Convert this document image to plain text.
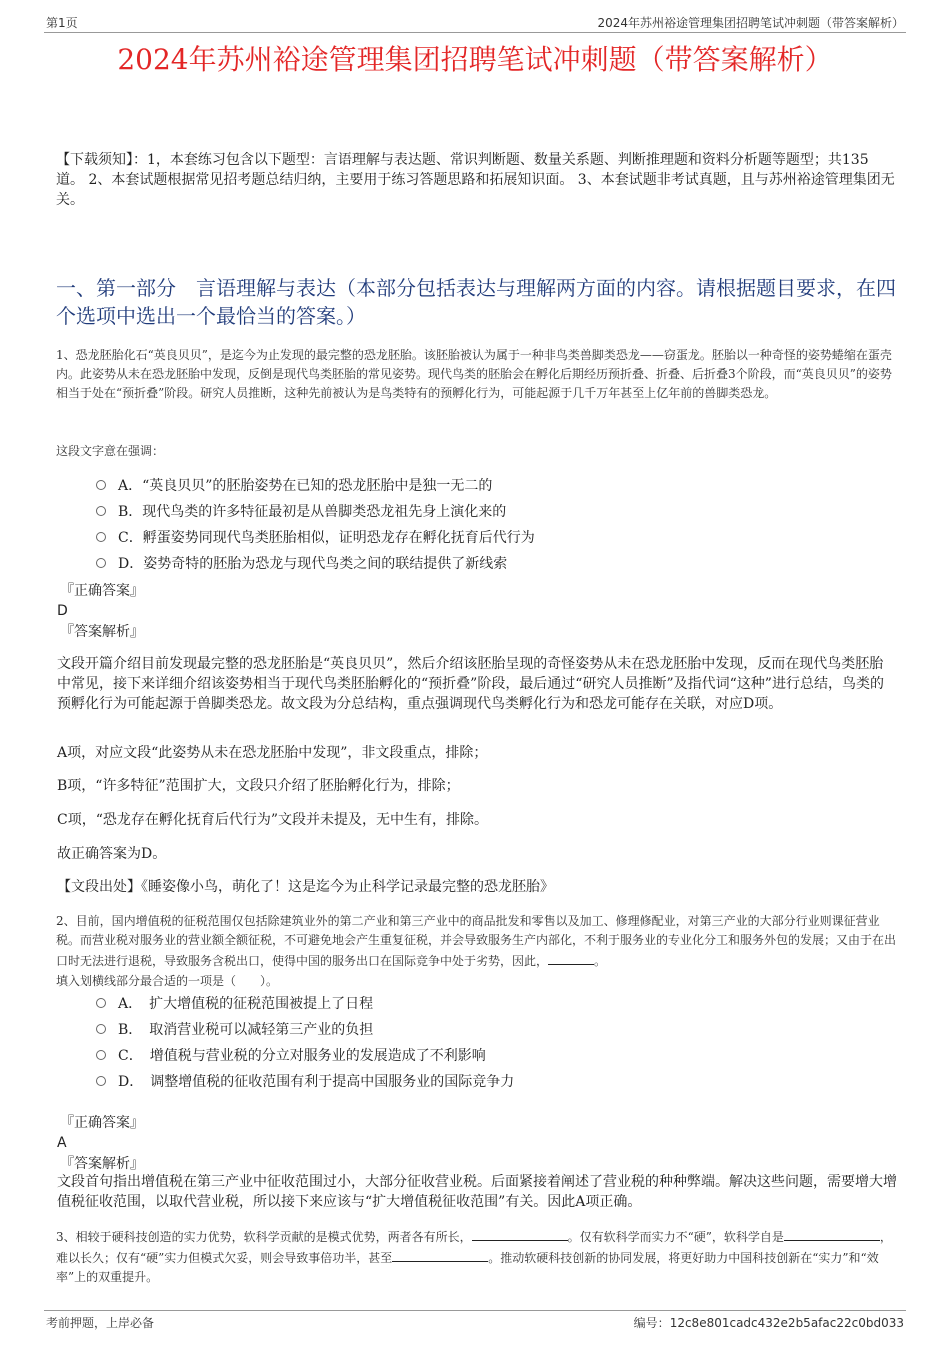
第1页	2024年苏州裕途管理集团招聘笔试冲刺题（带答案解析）
2024年苏州裕途管理集团招聘笔试冲刺题（带答案解析）
【下载须知】：1，本套练习包含以下题型：言语理解与表达题、常识判断题、数量关系题、判断推理题和资料分析题等题型；共135道。 2、本套试题根据常见招考题总结归纳，主要用于练习答题思路和拓展知识面。 3、本套试题非考试真题，且与苏州裕途管理集团无关。
一、第一部分　言语理解与表达（本部分包括表达与理解两方面的内容。请根据题目要求，在四个选项中选出一个最恰当的答案。）
1、恐龙胚胎化石“英良贝贝”，是迄今为止发现的最完整的恐龙胚胎。该胚胎被认为属于一种非鸟类兽脚类恐龙——窃蛋龙。胚胎以一种奇怪的姿势蜷缩在蛋壳内。此姿势从未在恐龙胚胎中发现，反倒是现代鸟类胚胎的常见姿势。现代鸟类的胚胎会在孵化后期经历预折叠、折叠、后折叠3个阶段，而“英良贝贝”的姿势相当于处在“预折叠”阶段。研究人员推断，这种先前被认为是鸟类特有的预孵化行为，可能起源于几千万年甚至上亿年前的兽脚类恐龙。
这段文字意在强调：
A．“英良贝贝”的胚胎姿势在已知的恐龙胚胎中是独一无二的
B．现代鸟类的许多特征最初是从兽脚类恐龙祖先身上演化来的
C．孵蛋姿势同现代鸟类胚胎相似，证明恐龙存在孵化抚育后代行为
D．姿势奇特的胚胎为恐龙与现代鸟类之间的联结提供了新线索
『正确答案』
D
『答案解析』
文段开篇介绍目前发现最完整的恐龙胚胎是“英良贝贝”，然后介绍该胚胎呈现的奇怪姿势从未在恐龙胚胎中发现，反而在现代鸟类胚胎中常见，接下来详细介绍该姿势相当于现代鸟类胚胎孵化的“预折叠”阶段，最后通过“研究人员推断”及指代词“这种”进行总结，鸟类的预孵化行为可能起源于兽脚类恐龙。故文段为分总结构，重点强调现代鸟类孵化行为和恐龙可能存在关联，对应D项。
A项，对应文段“此姿势从未在恐龙胚胎中发现”，非文段重点，排除；
B项，“许多特征”范围扩大，文段只介绍了胚胎孵化行为，排除；
C项，“恐龙存在孵化抚育后代行为”文段并未提及，无中生有，排除。
故正确答案为D。
【文段出处】《睡姿像小鸟，萌化了！这是迄今为止科学记录最完整的恐龙胚胎》
2、目前，国内增值税的征税范围仅包括除建筑业外的第二产业和第三产业中的商品批发和零售以及加工、修理修配业，对第三产业的大部分行业则课征营业税。而营业税对服务业的营业额全额征税，不可避免地会产生重复征税，并会导致服务生产内部化，不利于服务业的专业化分工和服务外包的发展；又由于在出口时无法进行退税，导致服务含税出口，使得中国的服务出口在国际竞争中处于劣势，因此，	。
填入划横线部分最合适的一项是（　　）。
A．　扩大增值税的征税范围被提上了日程
B．　取消营业税可以减轻第三产业的负担
C．　增值税与营业税的分立对服务业的发展造成了不利影响
D．　调整增值税的征收范围有利于提高中国服务业的国际竞争力
『正确答案』
A
『答案解析』
文段首句指出增值税在第三产业中征收范围过小，大部分征收营业税。后面紧接着阐述了营业税的种种弊端。解决这些问题，需要增大增值税征收范围，以取代营业税，所以接下来应该与“扩大增值税征收范围”有关。因此A项正确。
3、相较于硬科技创造的实力优势，软科学贡献的是模式优势，两者各有所长，	。仅有软科学而实力不“硬”，软科学自是	，难以长久；仅有“硬”实力但模式欠妥，则会导致事倍功半，甚至	。推动软硬科技创新的协同发展，将更好助力中国科技创新在“实力”和“效率”上的双重提升。
考前押题，上岸必备	编号：12c8e801cadc432e2b5afac22c0bd033
